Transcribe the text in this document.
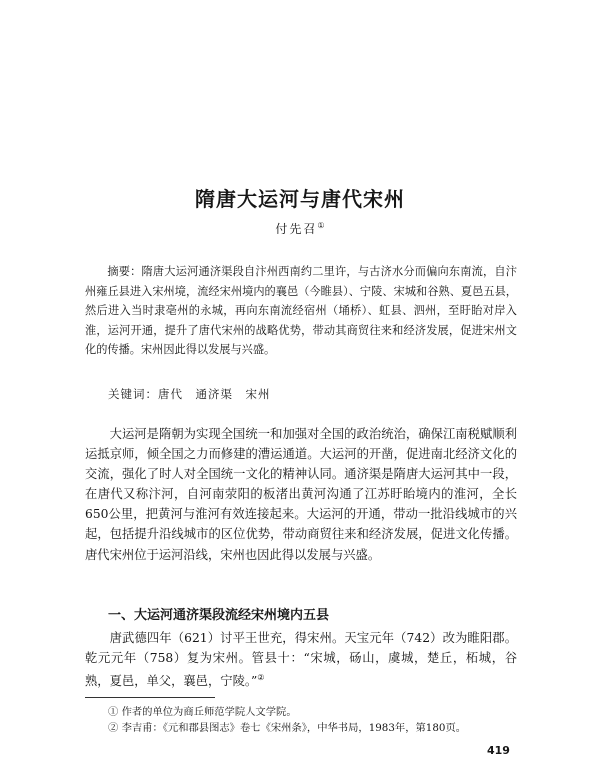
隋唐大运河与唐代宋州
付先召①

摘要：隋唐大运河通济渠段自汴州西南约二里许，与古济水分而偏向东南流，自汴州雍丘县进入宋州境，流经宋州境内的襄邑（今睢县）、宁陵、宋城和谷熟、夏邑五县，然后进入当时隶亳州的永城，再向东南流经宿州（埇桥）、虹县、泗州，至盱眙对岸入淮，运河开通，提升了唐代宋州的战略优势，带动其商贸往来和经济发展，促进宋州文化的传播。宋州因此得以发展与兴盛。

关键词：唐代　通济渠　宋州

大运河是隋朝为实现全国统一和加强对全国的政治统治，确保江南税赋顺利运抵京师，倾全国之力而修建的漕运通道。大运河的开凿，促进南北经济文化的交流，强化了时人对全国统一文化的精神认同。通济渠是隋唐大运河其中一段，在唐代又称汴河，自河南荥阳的板渚出黄河沟通了江苏盱眙境内的淮河，全长650公里，把黄河与淮河有效连接起来。大运河的开通，带动一批沿线城市的兴起，包括提升沿线城市的区位优势，带动商贸往来和经济发展，促进文化传播。唐代宋州位于运河沿线，宋州也因此得以发展与兴盛。

一、大运河通济渠段流经宋州境内五县

唐武德四年（621）讨平王世充，得宋州。天宝元年（742）改为睢阳郡。乾元元年（758）复为宋州。管县十：“宋城，砀山，虞城，楚丘，柘城，谷熟，夏邑，单父，襄邑，宁陵。”②

① 作者的单位为商丘师范学院人文学院。

② 李吉甫：《元和郡县图志》卷七《宋州条》，中华书局，1983年，第180页。

419
